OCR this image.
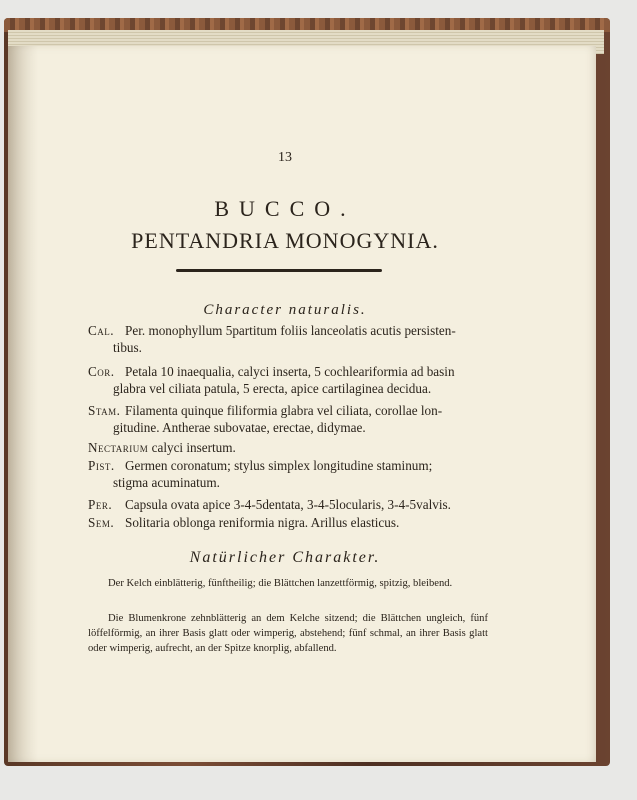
13
BUCCO.
PENTANDRIA MONOGYNIA.
Character naturalis.
Cal. Per. monophyllum 5partitum foliis lanceolatis acutis persisten-
tibus.
Cor. Petala 10 inaequalia, calyci inserta, 5 cochleariformia ad basin
glabra vel ciliata patula, 5 erecta, apice cartilaginea decidua.
Stam. Filamenta quinque filiformia glabra vel ciliata, corollae lon-
gitudine. Antherae subovatae, erectae, didymae.
Nectarium calyci insertum.
Pist. Germen coronatum; stylus simplex longitudine staminum;
stigma acuminatum.
Per. Capsula ovata apice 3-4-5dentata, 3-4-5locularis, 3-4-5valvis.
Sem. Solitaria oblonga reniformia nigra. Arillus elasticus.
Natürlicher Charakter.
Der Kelch einblätterig, fünftheilig; die Blättchen lanzettförmig, spitzig, bleibend.
Die Blumenkrone zehnblätterig an dem Kelche sitzend; die Blättchen ungleich, fünf löffelförmig, an ihrer Basis glatt oder wimperig, abstehend; fünf schmal, an ihrer Basis glatt oder wimperig, aufrecht, an der Spitze knorplig, abfallend.
